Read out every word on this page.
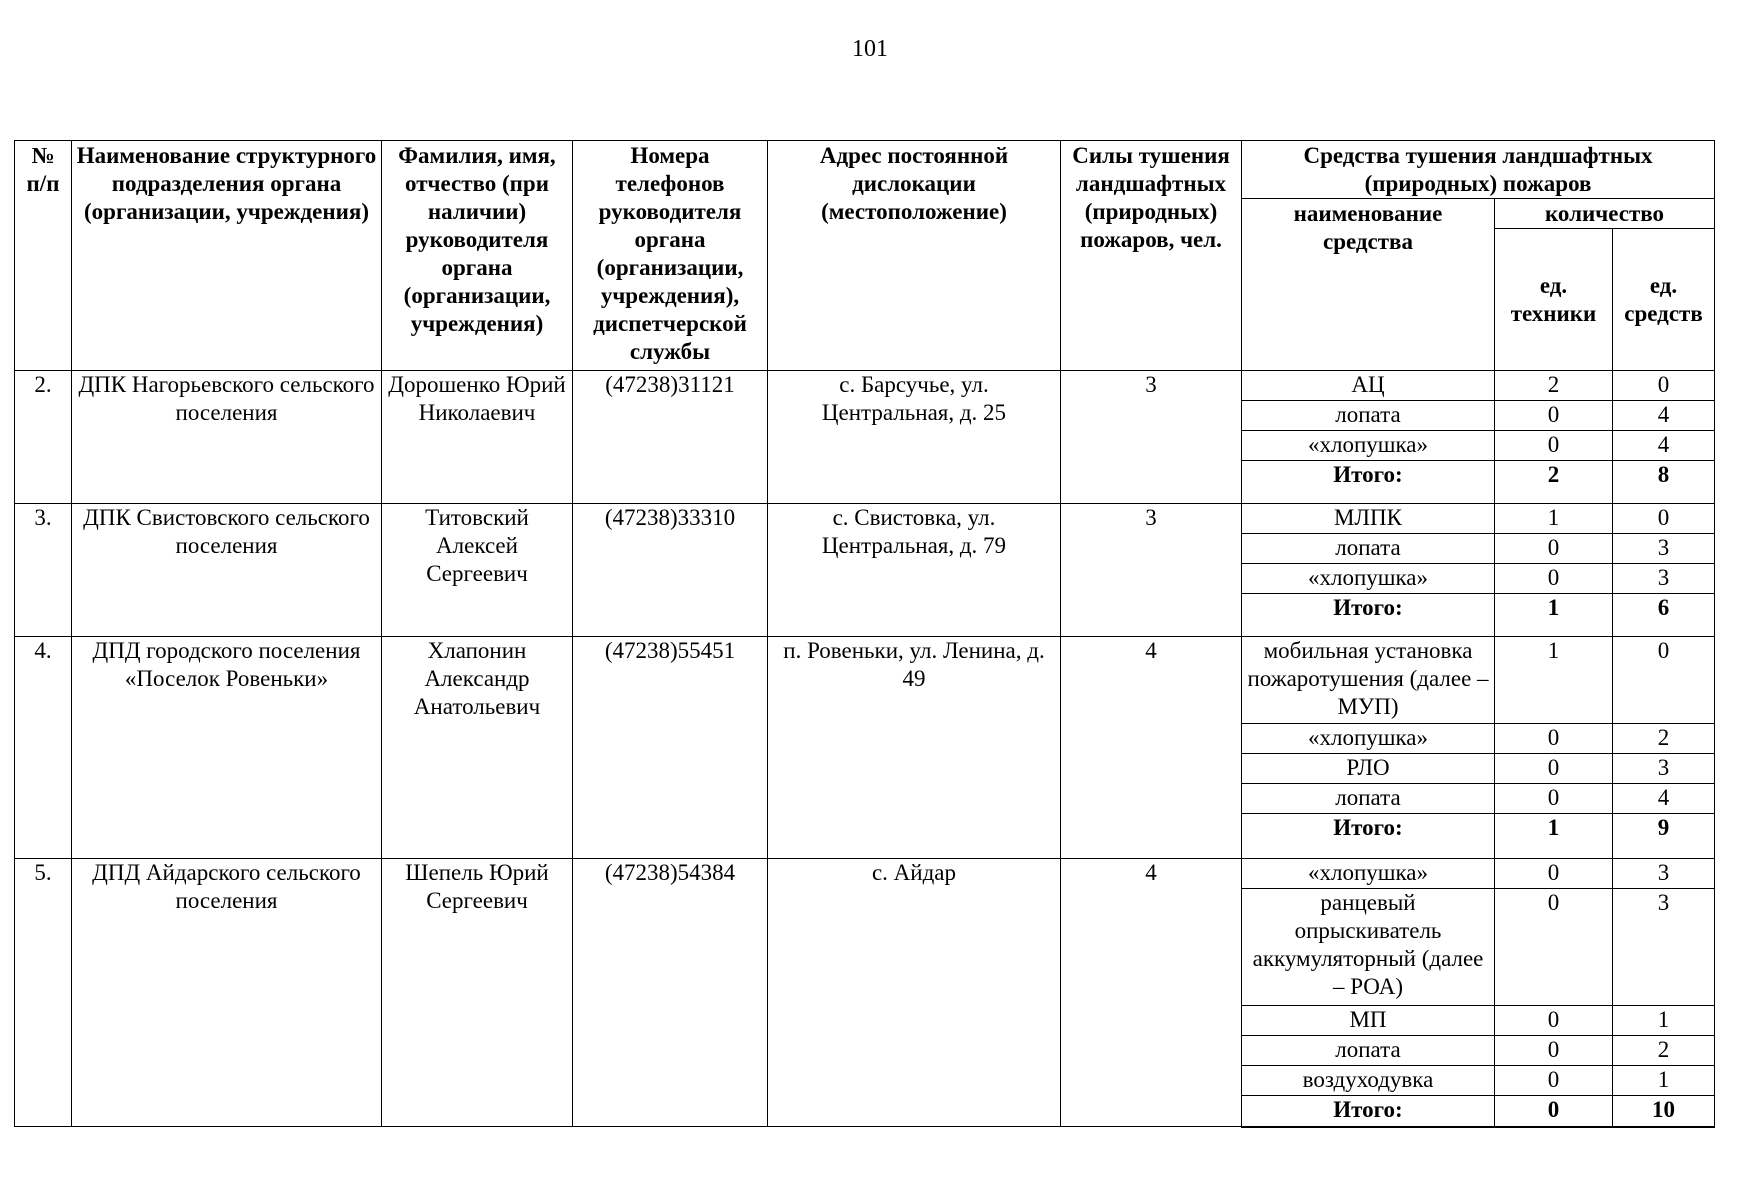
101
№ п/п	Наименование структурного подразделения органа (организации, учреждения)	Фамилия, имя, отчество (при наличии) руководителя органа (организации, учреждения)	Номера телефонов руководителя органа (организации, учреждения), диспетчерской службы	Адрес постоянной дислокации (местоположение)	Силы тушения ландшафтных (природных) пожаров, чел.	Средства тушения ландшафтных (природных) пожаров		
						наименование средства	количество	
							ед. техники	ед. средств
2.	ДПК Нагорьевского сельского поселения	Дорошенко Юрий Николаевич	(47238)31121	с. Барсучье, ул. Центральная, д. 25	3	АЦ	2	0
						лопата	0	4
						«хлопушка»	0	4
						Итого:	2	8
3.	ДПК Свистовского сельского поселения	Титовский Алексей Сергеевич	(47238)33310	с. Свистовка, ул. Центральная, д. 79	3	МЛПК	1	0
						лопата	0	3
						«хлопушка»	0	3
						Итого:	1	6
4.	ДПД городского поселения «Поселок Ровеньки»	Хлапонин Александр Анатольевич	(47238)55451	п. Ровеньки, ул. Ленина, д. 49	4	мобильная установка пожаротушения (далее – МУП)	1	0
						«хлопушка»	0	2
						РЛО	0	3
						лопата	0	4
						Итого:	1	9
5.	ДПД Айдарского сельского поселения	Шепель Юрий Сергеевич	(47238)54384	с. Айдар	4	«хлопушка»	0	3
						ранцевый опрыскиватель аккумуляторный (далее – РОА)	0	3
						МП	0	1
						лопата	0	2
						воздуходувка	0	1
						Итого:	0	10
